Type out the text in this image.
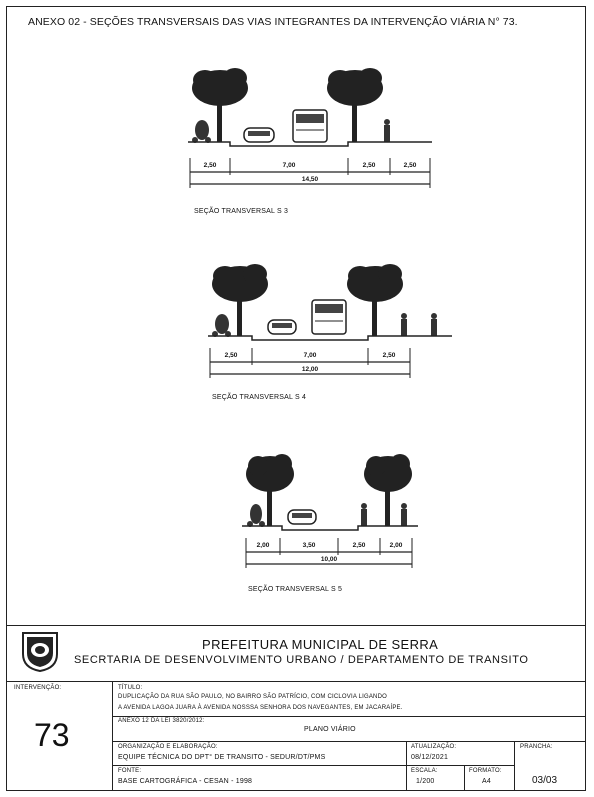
ANEXO 02 - SEÇÕES TRANSVERSAIS DAS VIAS INTEGRANTES DA INTERVENÇÃO VIÁRIA N° 73.
2,50	7,00	2,50	2,50
14,50
SEÇÃO TRANSVERSAL S 3
2,50	7,00	2,50
12,00
SEÇÃO TRANSVERSAL S 4
2,00	3,50	2,50	2,00
10,00
SEÇÃO TRANSVERSAL S 5
PREFEITURA MUNICIPAL DE SERRA
SECRTARIA DE DESENVOLVIMENTO URBANO / DEPARTAMENTO DE TRANSITO
INTERVENÇÃO:
73
TÍTULO:
DUPLICAÇÃO DA RUA SÃO PAULO, NO BAIRRO SÃO PATRÍCIO, COM CICLOVIA LIGANDO
A AVENIDA LAGOA JUARA À AVENIDA NOSSSA SENHORA DOS NAVEGANTES, EM JACARAÍPE.
ANEXO 12 DA LEI 3820/2012:
PLANO VIÁRIO
ORGANIZAÇÃO E ELABORAÇÃO:
EQUIPE TÉCNICA DO DPT° DE TRANSITO - SEDUR/DT/PMS
ATUALIZAÇÃO:
08/12/2021
PRANCHA:
03/03
FONTE:
BASE CARTOGRÁFICA - CESAN - 1998
ESCALA:
1/200
FORMATO:
A4
